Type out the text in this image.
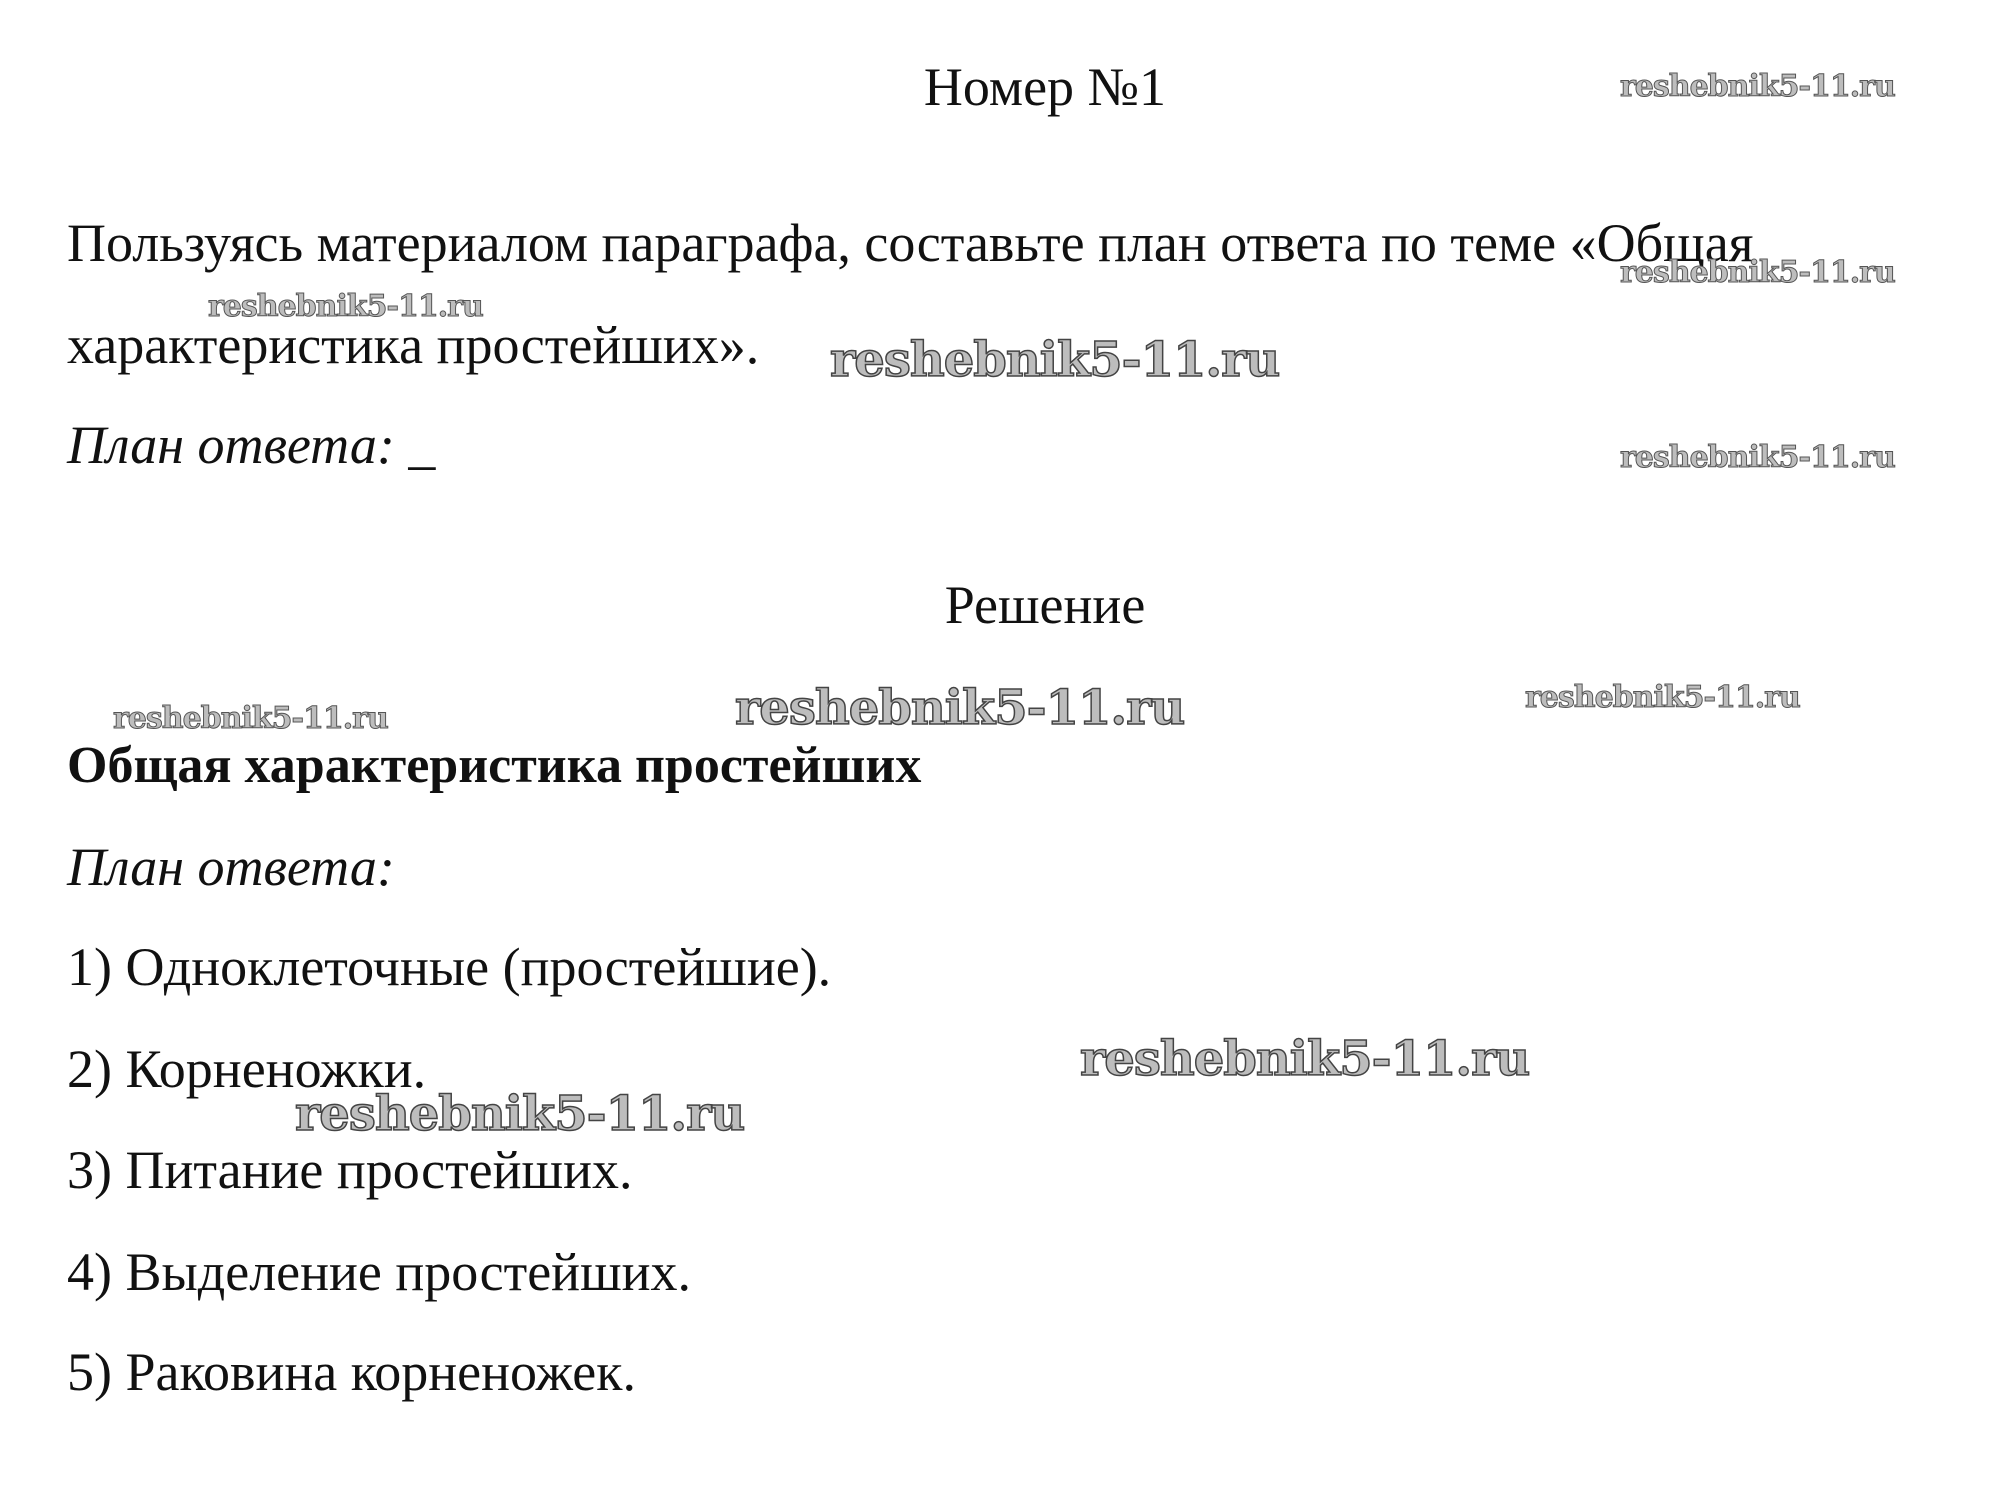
Номер №1
Пользуясь материалом параграфа, составьте план ответа по теме «Общая
характеристика простейших».
План ответа: _
Решение
Общая характеристика простейших
План ответа:
1) Одноклеточные (простейшие).
2) Корненожки.
3) Питание простейших.
4) Выделение простейших.
5) Раковина корненожек.
reshebnik5-11.ru
reshebnik5-11.ru
reshebnik5-11.ru
reshebnik5-11.ru
reshebnik5-11.ru
reshebnik5-11.ru	reshebnik5-11.ru	reshebnik5-11.ru
reshebnik5-11.ru
reshebnik5-11.ru
